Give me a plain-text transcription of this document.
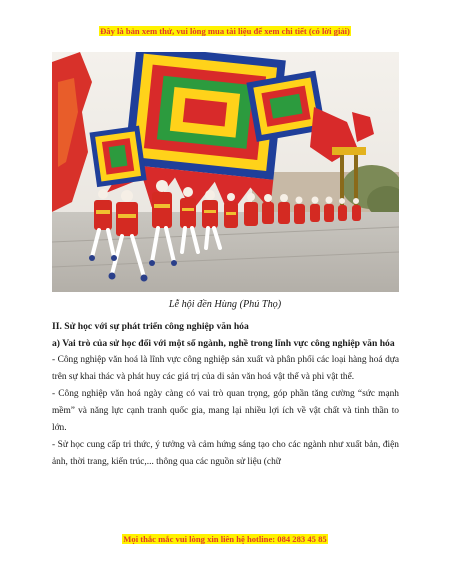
Đây là bản xem thử, vui lòng mua tài liệu để xem chi tiết (có lời giải)
Lễ hội đền Hùng (Phú Thọ)

II. Sử học với sự phát triển công nghiệp văn hóa

a) Vai trò của sử học đối với một số ngành, nghề trong lĩnh vực công nghiệp văn hóa

- Công nghiệp văn hoá là lĩnh vực công nghiệp sản xuất và phân phối các loại hàng hoá dựa trên sự khai thác và phát huy các giá trị của di sản văn hoá vật thể và phi vật thể.

- Công nghiệp văn hoá ngày càng có vai trò quan trọng, góp phần tăng cường “sức mạnh mềm” và năng lực cạnh tranh quốc gia, mang lại nhiều lợi ích về vật chất và tinh thần to lớn.

- Sử học cung cấp tri thức, ý tưởng và cảm hứng sáng tạo cho các ngành như xuất bản, điện ảnh, thời trang, kiến trúc,... thông qua các nguồn sử liệu (chữ

Mọi thắc mắc vui lòng xin liên hệ hotline: 084 283 45 85
